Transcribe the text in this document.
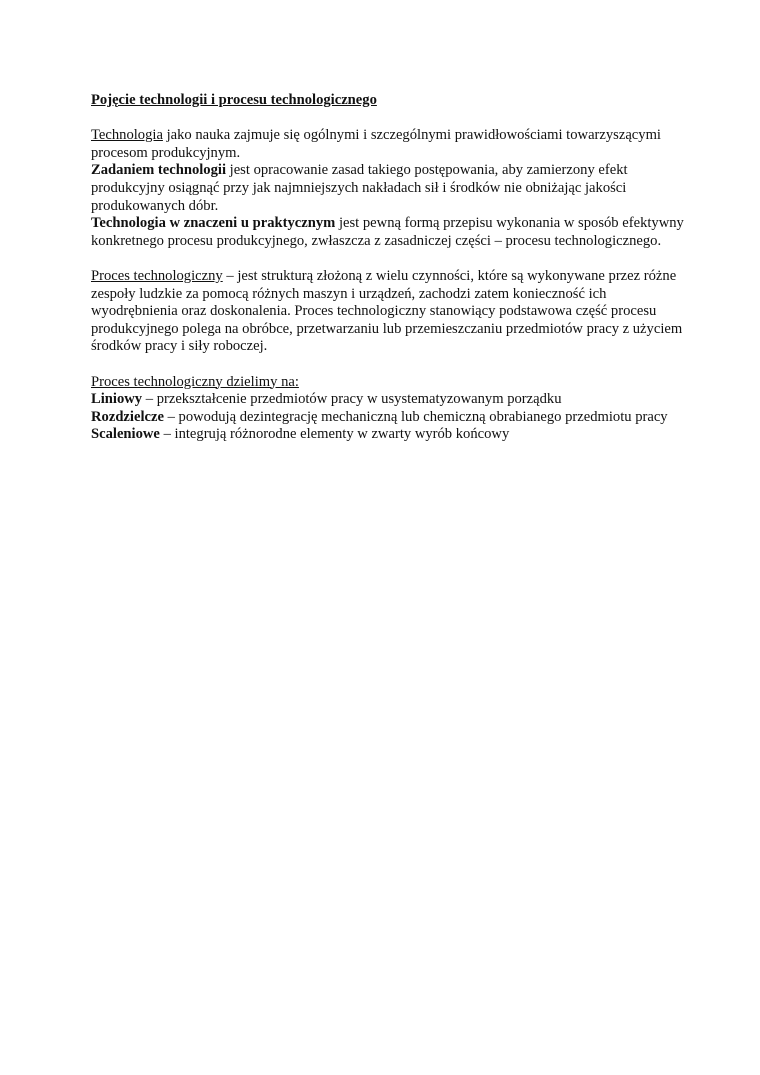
Pojęcie technologii i procesu technologicznego

Technologia jako nauka zajmuje się ogólnymi i szczególnymi prawidłowościami towarzyszącymi procesom produkcyjnym.

Zadaniem technologii jest opracowanie zasad takiego postępowania, aby zamierzony efekt produkcyjny osiągnąć przy jak najmniejszych nakładach sił i środków nie obniżając jakości produkowanych dóbr.

Technologia w znaczeni u praktycznym jest pewną formą przepisu wykonania w sposób efektywny konkretnego procesu produkcyjnego, zwłaszcza z zasadniczej części – procesu technologicznego.

Proces technologiczny – jest strukturą złożoną z wielu czynności, które są wykonywane przez różne zespoły ludzkie za pomocą różnych maszyn i urządzeń, zachodzi zatem konieczność ich wyodrębnienia oraz doskonalenia. Proces technologiczny stanowiący podstawowa część procesu produkcyjnego polega na obróbce, przetwarzaniu lub przemieszczaniu przedmiotów pracy z użyciem środków pracy i siły roboczej.

Proces technologiczny dzielimy na:

Liniowy – przekształcenie przedmiotów pracy w usystematyzowanym porządku

Rozdzielcze – powodują dezintegrację mechaniczną lub chemiczną obrabianego przedmiotu pracy

Scaleniowe – integrują różnorodne elementy w zwarty wyrób końcowy
